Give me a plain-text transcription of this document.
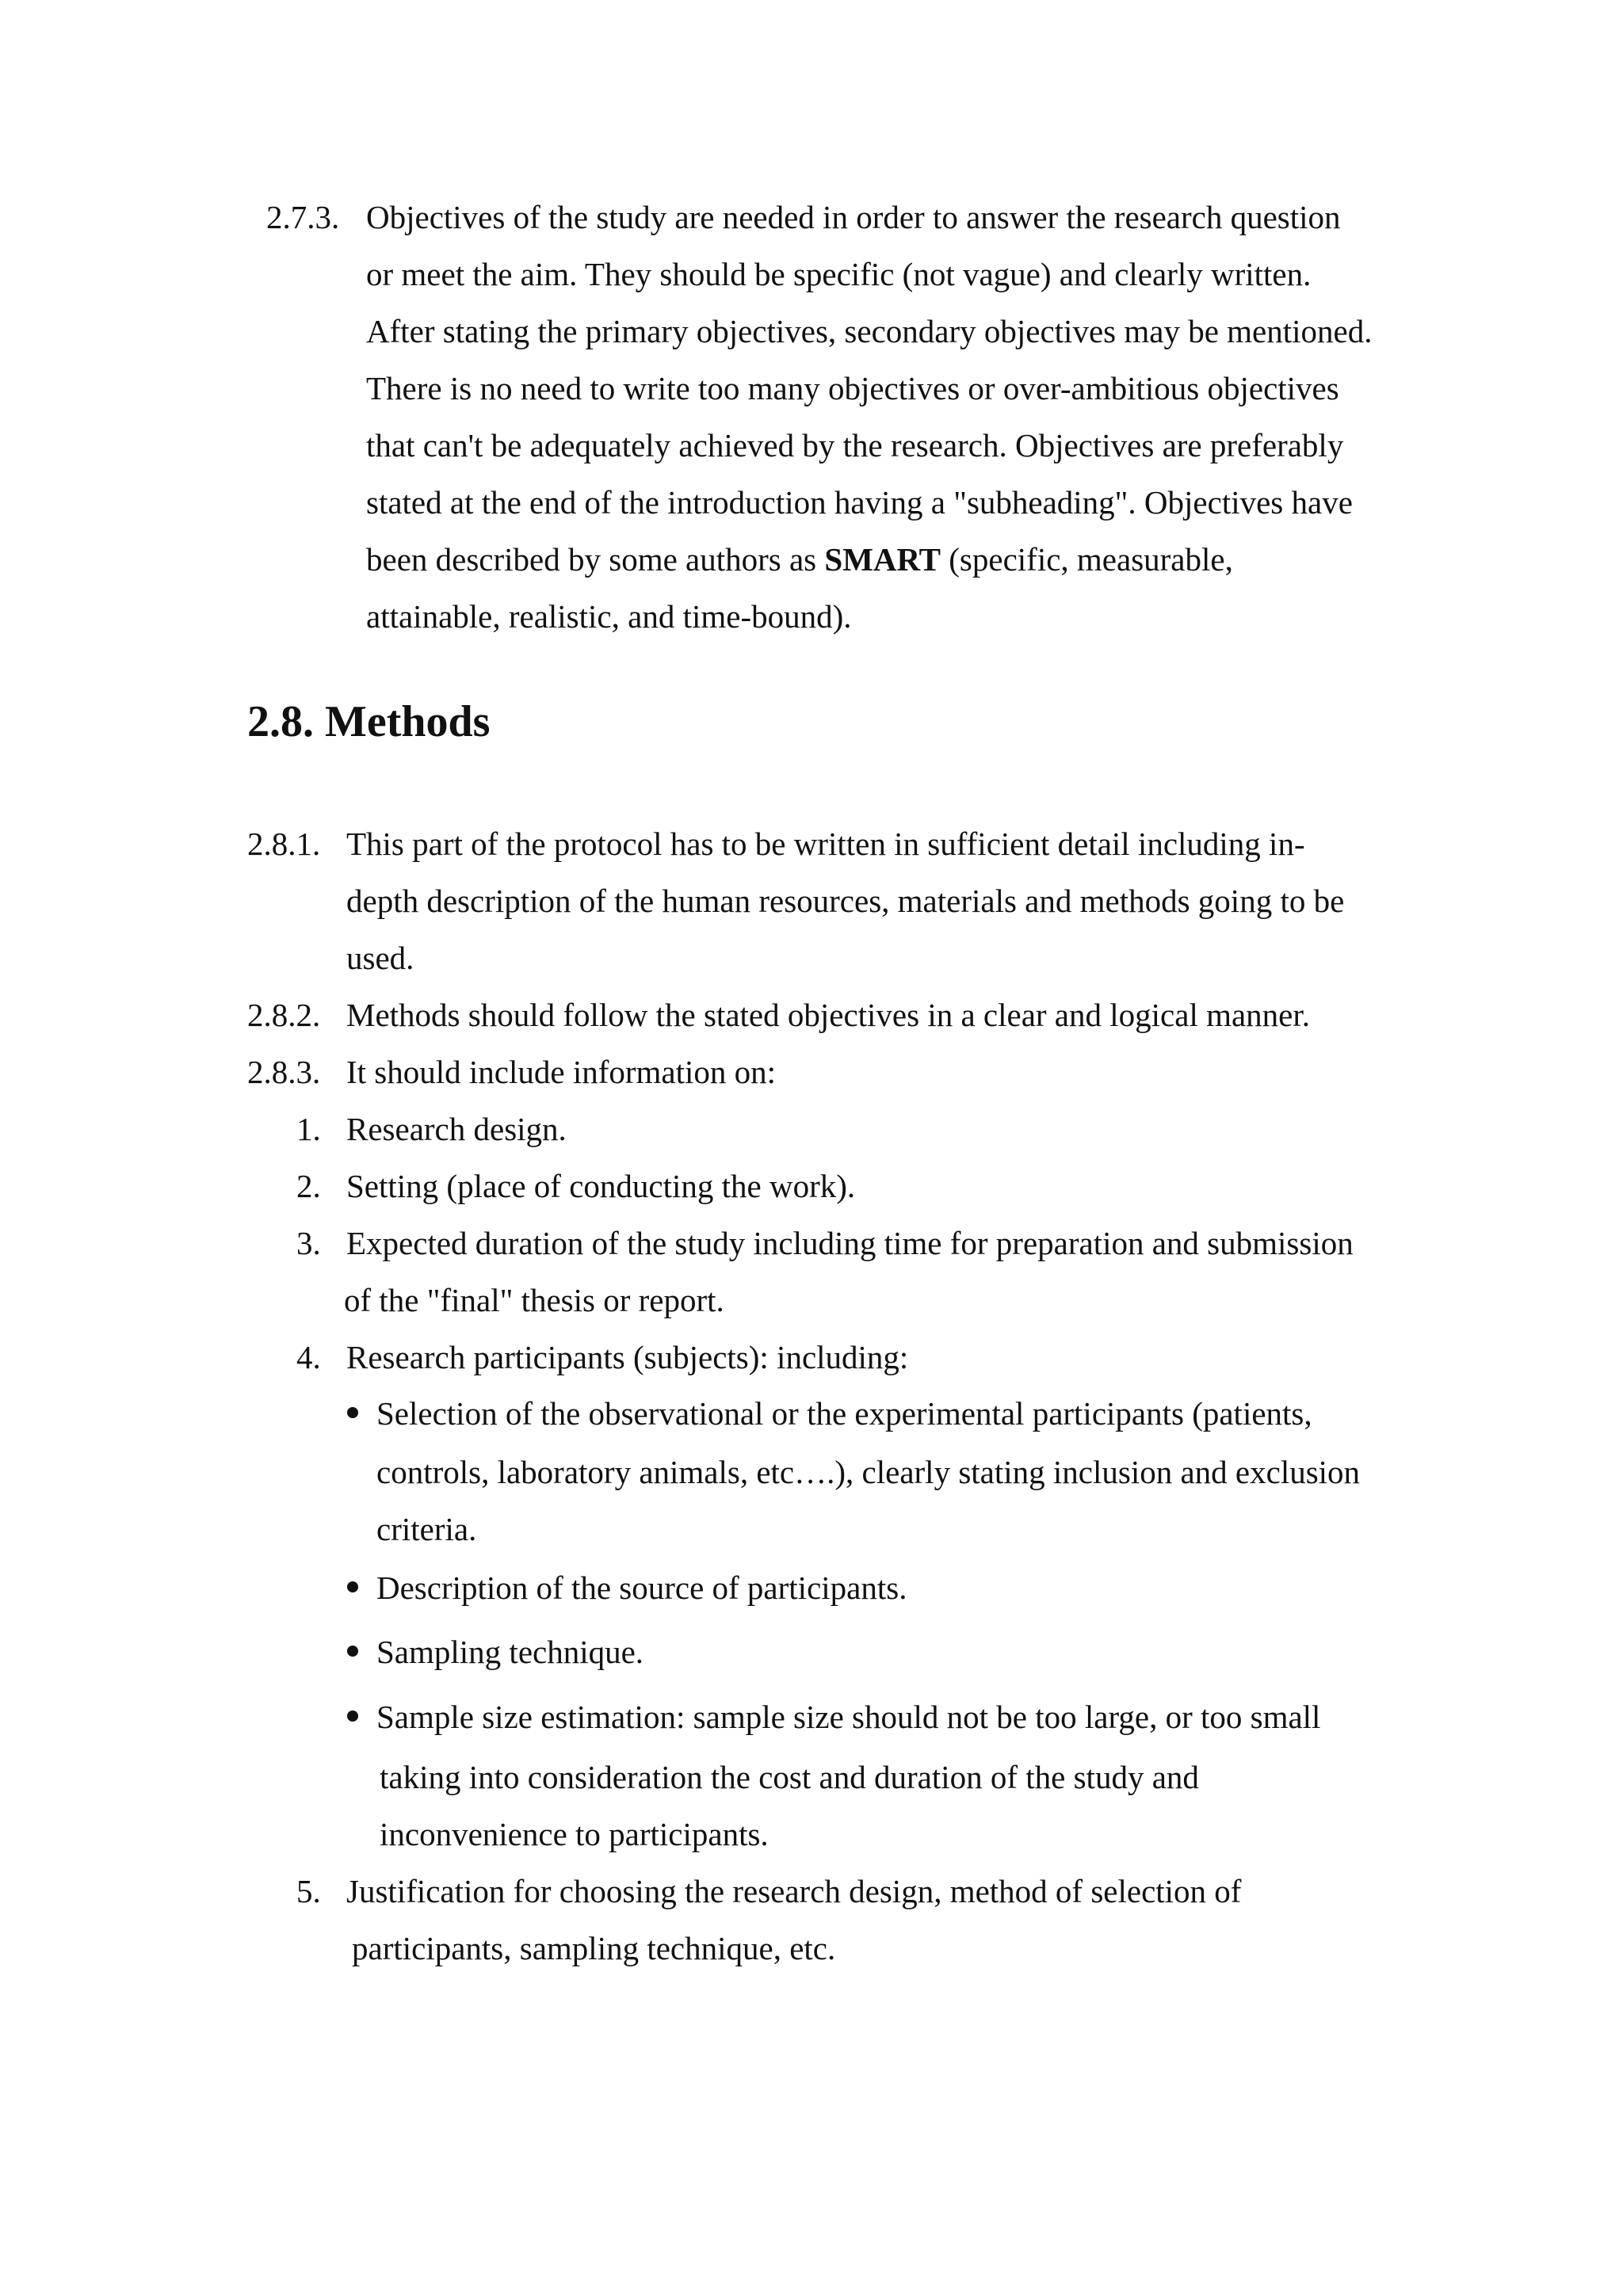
2.7.3. Objectives of the study are needed in order to answer the research question

or meet the aim. They should be specific (not vague) and clearly written.

After stating the primary objectives, secondary objectives may be mentioned.

There is no need to write too many objectives or over-ambitious objectives

that can't be adequately achieved by the research. Objectives are preferably

stated at the end of the introduction having a "subheading". Objectives have

been described by some authors as SMART (specific, measurable,

attainable, realistic, and time-bound).

2.8. Methods

2.8.1. This part of the protocol has to be written in sufficient detail including in-

depth description of the human resources, materials and methods going to be

used.

2.8.2. Methods should follow the stated objectives in a clear and logical manner.

2.8.3. It should include information on:

1. Research design.

2. Setting (place of conducting the work).

3. Expected duration of the study including time for preparation and submission

of the "final" thesis or report.

4. Research participants (subjects): including:

Selection of the observational or the experimental participants (patients,

controls, laboratory animals, etc….), clearly stating inclusion and exclusion

criteria.

Description of the source of participants.

Sampling technique.

Sample size estimation: sample size should not be too large, or too small

taking into consideration the cost and duration of the study and

inconvenience to participants.

5. Justification for choosing the research design, method of selection of

participants, sampling technique, etc.
